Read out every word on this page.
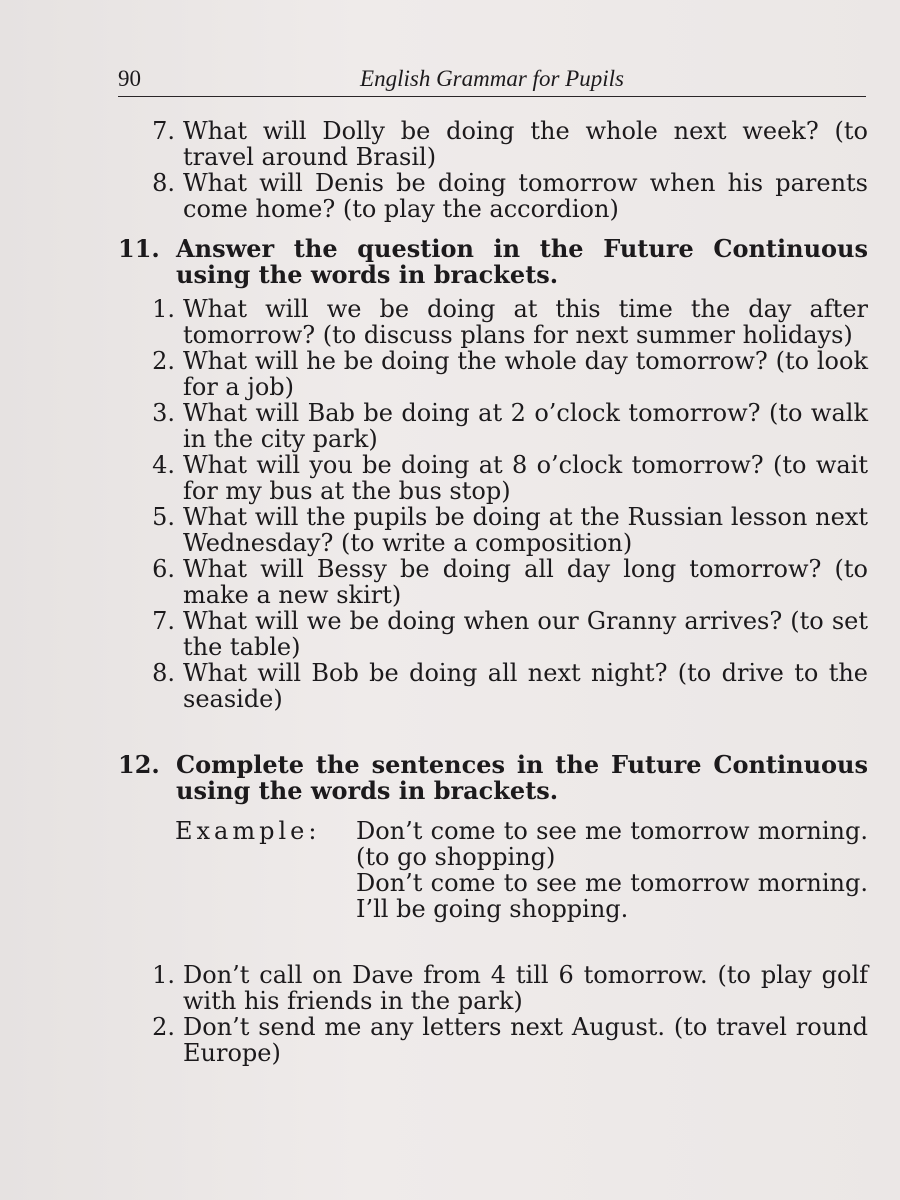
90	English Grammar for Pupils
7. What will Dolly be doing the whole next week? (to travel around Brasil)
8. What will Denis be doing tomorrow when his parents come home? (to play the accordion)
11. Answer the question in the Future Continuous using the words in brackets.
1. What will we be doing at this time the day after tomorrow? (to discuss plans for next summer holidays)
2. What will he be doing the whole day tomorrow? (to look for a job)
3. What will Bab be doing at 2 o’clock tomorrow? (to walk in the city park)
4. What will you be doing at 8 o’clock tomorrow? (to wait for my bus at the bus stop)
5. What will the pupils be doing at the Russian lesson next Wednesday? (to write a composition)
6. What will Bessy be doing all day long tomorrow? (to make a new skirt)
7. What will we be doing when our Granny arrives? (to set the table)
8. What will Bob be doing all next night? (to drive to the seaside)
12. Complete the sentences in the Future Continuous using the words in brackets.
Example:	Don’t come to see me tomorrow morning. (to go shopping)
Don’t come to see me tomorrow morning. I’ll be going shopping.
1. Don’t call on Dave from 4 till 6 tomorrow. (to play golf with his friends in the park)
2. Don’t send me any letters next August. (to travel round Europe)
